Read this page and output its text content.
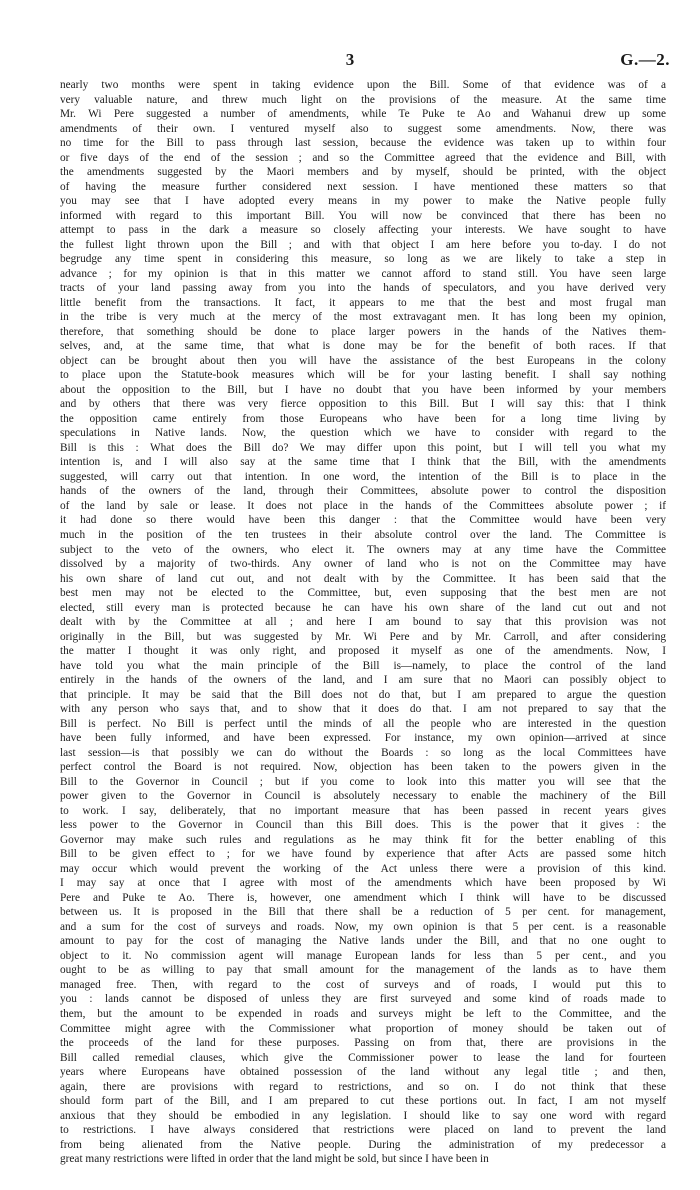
3	G.—2.
nearly two months were spent in taking evidence upon the Bill. Some of that evidence was of a
very valuable nature, and threw much light on the provisions of the measure. At the same time
Mr. Wi Pere suggested a number of amendments, while Te Puke te Ao and Wahanui drew up some
amendments of their own. I ventured myself also to suggest some amendments. Now, there was
no time for the Bill to pass through last session, because the evidence was taken up to within four
or five days of the end of the session ; and so the Committee agreed that the evidence and Bill, with
the amendments suggested by the Maori members and by myself, should be printed, with the object
of having the measure further considered next session. I have mentioned these matters so that
you may see that I have adopted every means in my power to make the Native people fully
informed with regard to this important Bill. You will now be convinced that there has been no
attempt to pass in the dark a measure so closely affecting your interests. We have sought to have
the fullest light thrown upon the Bill ; and with that object I am here before you to-day. I do not
begrudge any time spent in considering this measure, so long as we are likely to take a step in
advance ; for my opinion is that in this matter we cannot afford to stand still. You have seen large
tracts of your land passing away from you into the hands of speculators, and you have derived very
little benefit from the transactions. It fact, it appears to me that the best and most frugal man
in the tribe is very much at the mercy of the most extravagant men. It has long been my opinion,
therefore, that something should be done to place larger powers in the hands of the Natives them-
selves, and, at the same time, that what is done may be for the benefit of both races. If that
object can be brought about then you will have the assistance of the best Europeans in the colony
to place upon the Statute-book measures which will be for your lasting benefit. I shall say nothing
about the opposition to the Bill, but I have no doubt that you have been informed by your members
and by others that there was very fierce opposition to this Bill. But I will say this: that I think
the opposition came entirely from those Europeans who have been for a long time living by
speculations in Native lands. Now, the question which we have to consider with regard to the
Bill is this : What does the Bill do? We may differ upon this point, but I will tell you what my
intention is, and I will also say at the same time that I think that the Bill, with the amendments
suggested, will carry out that intention. In one word, the intention of the Bill is to place in the
hands of the owners of the land, through their Committees, absolute power to control the disposition
of the land by sale or lease. It does not place in the hands of the Committees absolute power ; if
it had done so there would have been this danger : that the Committee would have been very
much in the position of the ten trustees in their absolute control over the land. The Committee is
subject to the veto of the owners, who elect it. The owners may at any time have the Committee
dissolved by a majority of two-thirds. Any owner of land who is not on the Committee may have
his own share of land cut out, and not dealt with by the Committee. It has been said that the
best men may not be elected to the Committee, but, even supposing that the best men are not
elected, still every man is protected because he can have his own share of the land cut out and not
dealt with by the Committee at all ; and here I am bound to say that this provision was not
originally in the Bill, but was suggested by Mr. Wi Pere and by Mr. Carroll, and after considering
the matter I thought it was only right, and proposed it myself as one of the amendments. Now, I
have told you what the main principle of the Bill is—namely, to place the control of the land
entirely in the hands of the owners of the land, and I am sure that no Maori can possibly object to
that principle. It may be said that the Bill does not do that, but I am prepared to argue the question
with any person who says that, and to show that it does do that. I am not prepared to say that the
Bill is perfect. No Bill is perfect until the minds of all the people who are interested in the question
have been fully informed, and have been expressed. For instance, my own opinion—arrived at since
last session—is that possibly we can do without the Boards : so long as the local Committees have
perfect control the Board is not required. Now, objection has been taken to the powers given in the
Bill to the Governor in Council ; but if you come to look into this matter you will see that the
power given to the Governor in Council is absolutely necessary to enable the machinery of the Bill
to work. I say, deliberately, that no important measure that has been passed in recent years gives
less power to the Governor in Council than this Bill does. This is the power that it gives : the
Governor may make such rules and regulations as he may think fit for the better enabling of this
Bill to be given effect to ; for we have found by experience that after Acts are passed some hitch
may occur which would prevent the working of the Act unless there were a provision of this kind.
I may say at once that I agree with most of the amendments which have been proposed by Wi
Pere and Puke te Ao. There is, however, one amendment which I think will have to be discussed
between us. It is proposed in the Bill that there shall be a reduction of 5 per cent. for management,
and a sum for the cost of surveys and roads. Now, my own opinion is that 5 per cent. is a reasonable
amount to pay for the cost of managing the Native lands under the Bill, and that no one ought to
object to it. No commission agent will manage European lands for less than 5 per cent., and you
ought to be as willing to pay that small amount for the management of the lands as to have them
managed free. Then, with regard to the cost of surveys and of roads, I would put this to
you : lands cannot be disposed of unless they are first surveyed and some kind of roads made to
them, but the amount to be expended in roads and surveys might be left to the Committee, and the
Committee might agree with the Commissioner what proportion of money should be taken out of
the proceeds of the land for these purposes. Passing on from that, there are provisions in the
Bill called remedial clauses, which give the Commissioner power to lease the land for fourteen
years where Europeans have obtained possession of the land without any legal title ; and then,
again, there are provisions with regard to restrictions, and so on. I do not think that these
should form part of the Bill, and I am prepared to cut these portions out. In fact, I am not myself
anxious that they should be embodied in any legislation. I should like to say one word with regard
to restrictions. I have always considered that restrictions were placed on land to prevent the land
from being alienated from the Native people. During the administration of my predecessor a
great many restrictions were lifted in order that the land might be sold, but since I have been in
